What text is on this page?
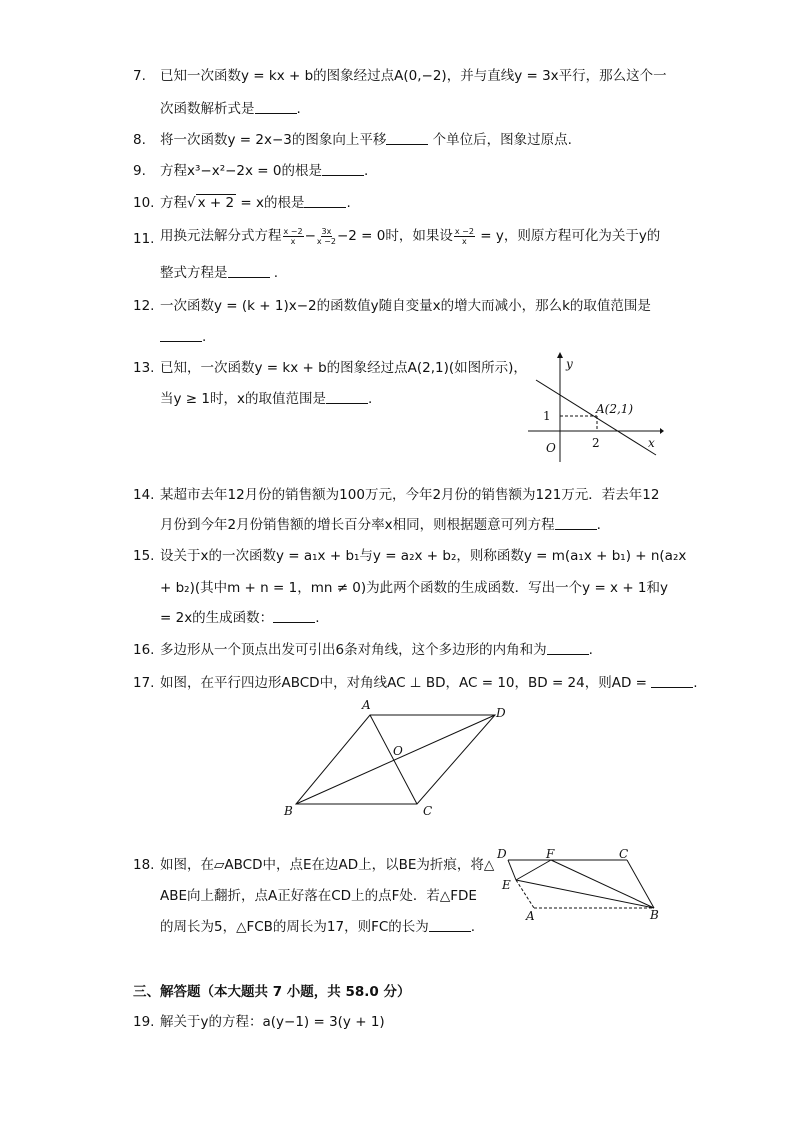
7. 已知一次函数y = kx + b的图象经过点A(0,−2)，并与直线y = 3x平行，那么这个一
次函数解析式是	.
8. 将一次函数y = 2x−3的图象向上平移	个单位后，图象过原点.
9. 方程x³−x²−2x = 0的根是	.
10. 方程√ x + 2 = x的根是	.
11. 用换元法解分式方程 $\frac{x -2}{x} - \frac{3x}{x -2} -2 = 0$时，如果设 $\frac{x -2}{x} = y$，则原方程可化为关于y的
整式方程是	.
12. 一次函数y = (k + 1)x−2的函数值y随自变量x的增大而减小，那么k的取值范围是
.
13. 已知，一次函数y = kx + b的图象经过点A(2,1)(如图所示)，
当y ≥ 1时，x的取值范围是	.
y
x
O
1
2
A(2,1)
14. 某超市去年12月份的销售额为100万元，今年2月份的销售额为121万元．若去年12
月份到今年2月份销售额的增长百分率x相同，则根据题意可列方程	.
15. 设关于x的一次函数y = a₁x + b₁与y = a₂x + b₂，则称函数y = m(a₁x + b₁) + n(a₂x
+ b₂)(其中m + n = 1，mn ≠ 0)为此两个函数的生成函数．写出一个y = x + 1和y
= 2x的生成函数：	.
16. 多边形从一个顶点出发可引出6条对角线，这个多边形的内角和为	.
17. 如图，在平行四边形ABCD中，对角线AC ⊥ BD，AC = 10，BD = 24，则AD =	.
A
D
B	C
O
18. 如图，在▱ABCD中，点E在边AD上，以BE为折痕，将△
ABE向上翻折，点A正好落在CD上的点F处．若△FDE
的周长为5，△FCB的周长为17，则FC的长为	.
D	F	C
E
A	B
三、解答题（本大题共 7 小题，共 58.0 分）
19. 解关于y的方程：a(y−1) = 3(y + 1)
